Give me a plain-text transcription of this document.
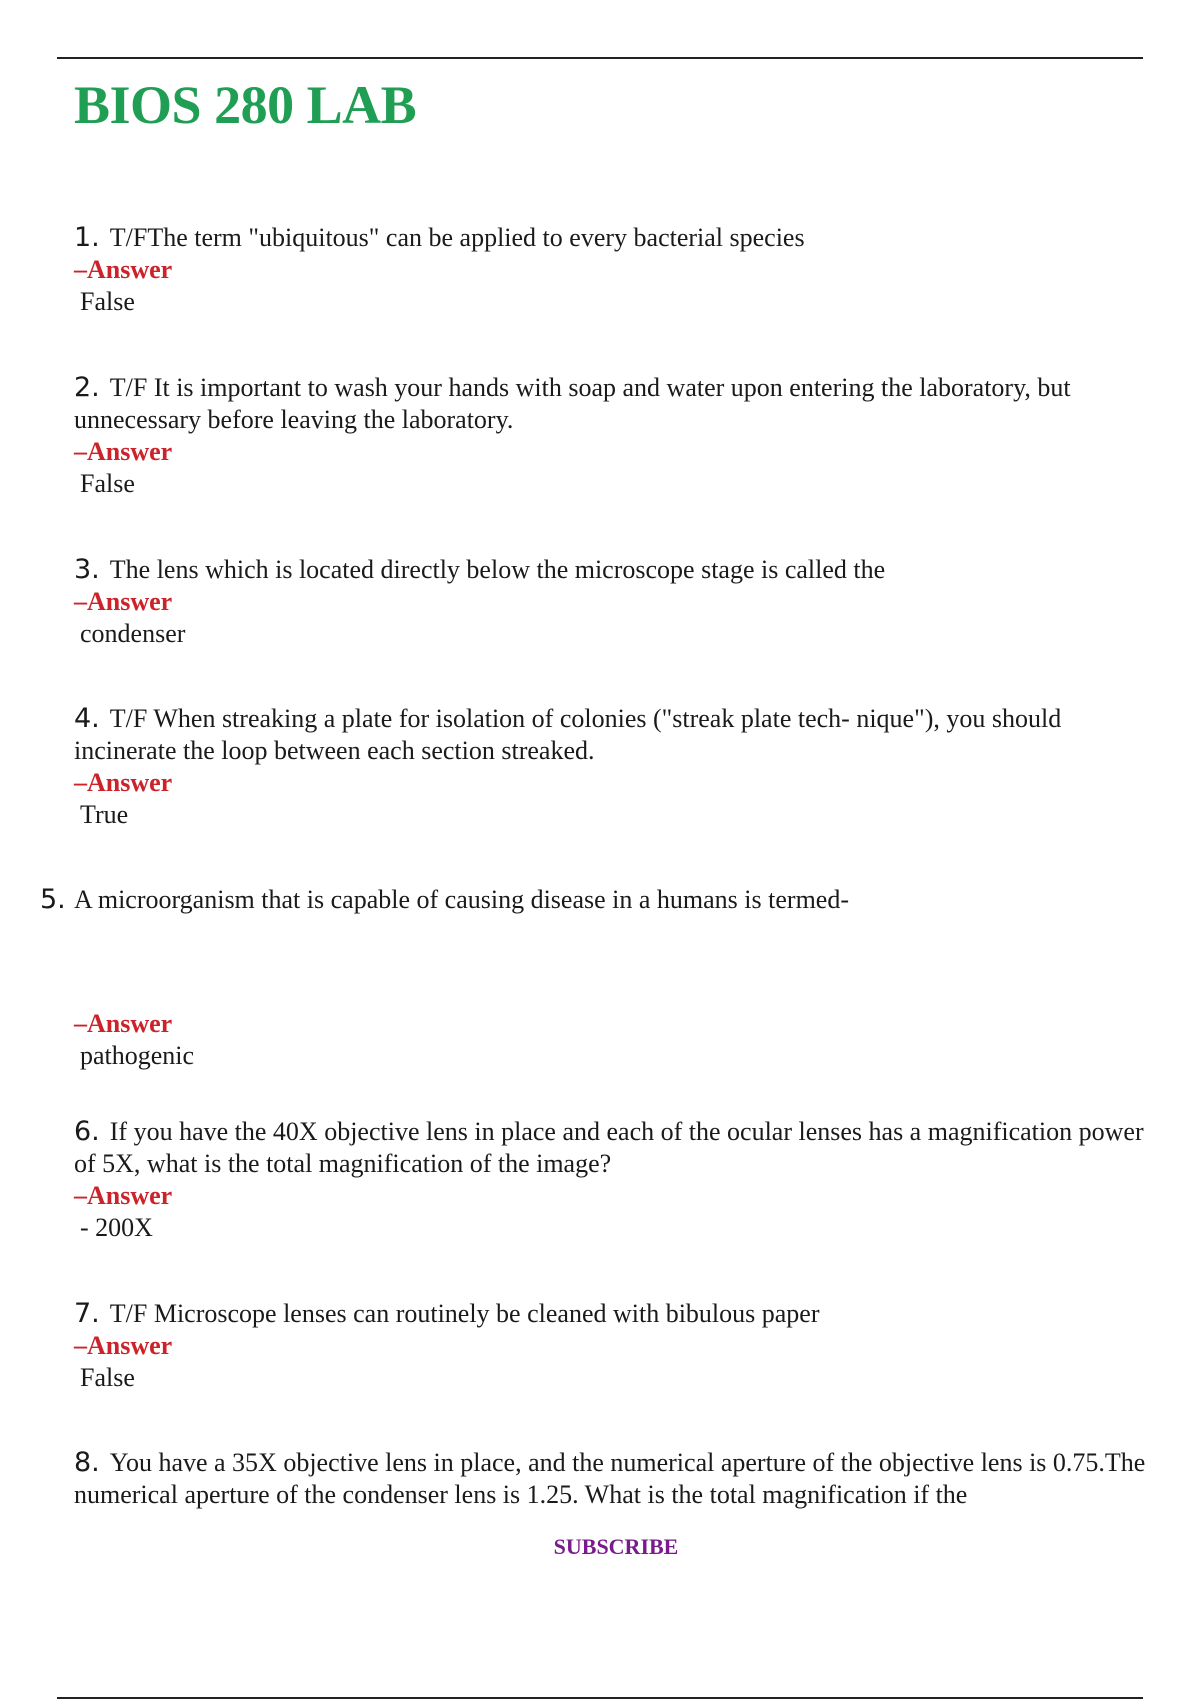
BIOS 280 LAB

1. T/FThe term "ubiquitous" can be applied to every bacterial species

–Answer

False

2. T/F It is important to wash your hands with soap and water upon entering the laboratory, but unnecessary before leaving the laboratory.

–Answer

False

3. The lens which is located directly below the microscope stage is called the

–Answer

condenser

4. T/F When streaking a plate for isolation of colonies ("streak plate tech- nique"), you should incinerate the loop between each section streaked.

–Answer

True

5. A microorganism that is capable of causing disease in a humans is termed-

–Answer

pathogenic

6. If you have the 40X objective lens in place and each of the ocular lenses has a magnification power of 5X, what is the total magnification of the image?

–Answer

- 200X

7. T/F Microscope lenses can routinely be cleaned with bibulous paper

–Answer

False

8. You have a 35X objective lens in place, and the numerical aperture of the objective lens is 0.75.The numerical aperture of the condenser lens is 1.25. What is the total magnification if the

SUBSCRIBE
